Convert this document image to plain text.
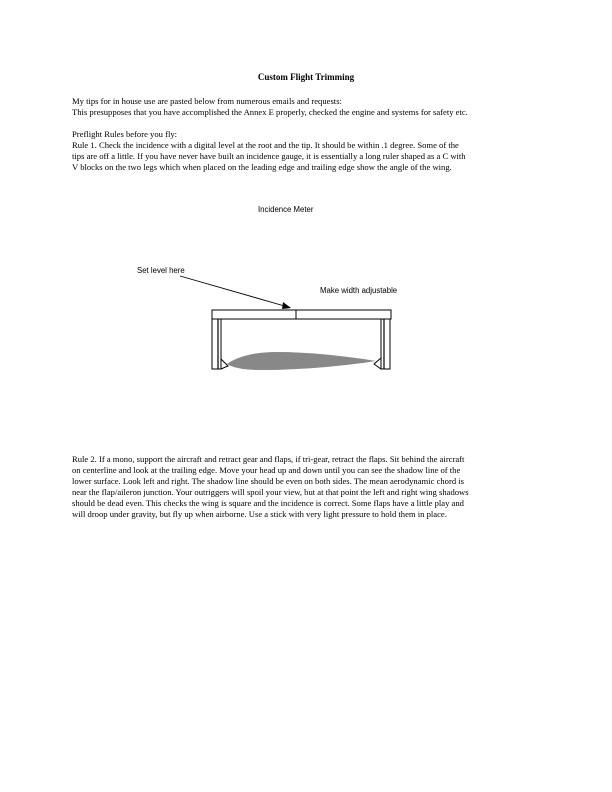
Custom Flight Trimming
My tips for in house use are pasted below from numerous emails and requests:
This presupposes that you have accomplished the Annex E properly, checked the engine and systems for safety etc.
Preflight Rules before you fly:
Rule 1. Check the incidence with a digital level at the root and the tip. It should be within .1 degree. Some of the
tips are off a little. If you have never have built an incidence gauge, it is essentially a long ruler shaped as a C with
V blocks on the two legs which when placed on the leading edge and trailing edge show the angle of the wing.
Incidence Meter
Set level here
Make width adjustable
Rule 2. If a mono, support the aircraft and retract gear and flaps, if tri-gear, retract the flaps. Sit behind the aircraft
on centerline and look at the trailing edge. Move your head up and down until you can see the shadow line of the
lower surface. Look left and right. The shadow line should be even on both sides. The mean aerodynamic chord is
near the flap/aileron junction. Your outriggers will spoil your view, but at that point the left and right wing shadows
should be dead even. This checks the wing is square and the incidence is correct. Some flaps have a little play and
will droop under gravity, but fly up when airborne. Use a stick with very light pressure to hold them in place.
